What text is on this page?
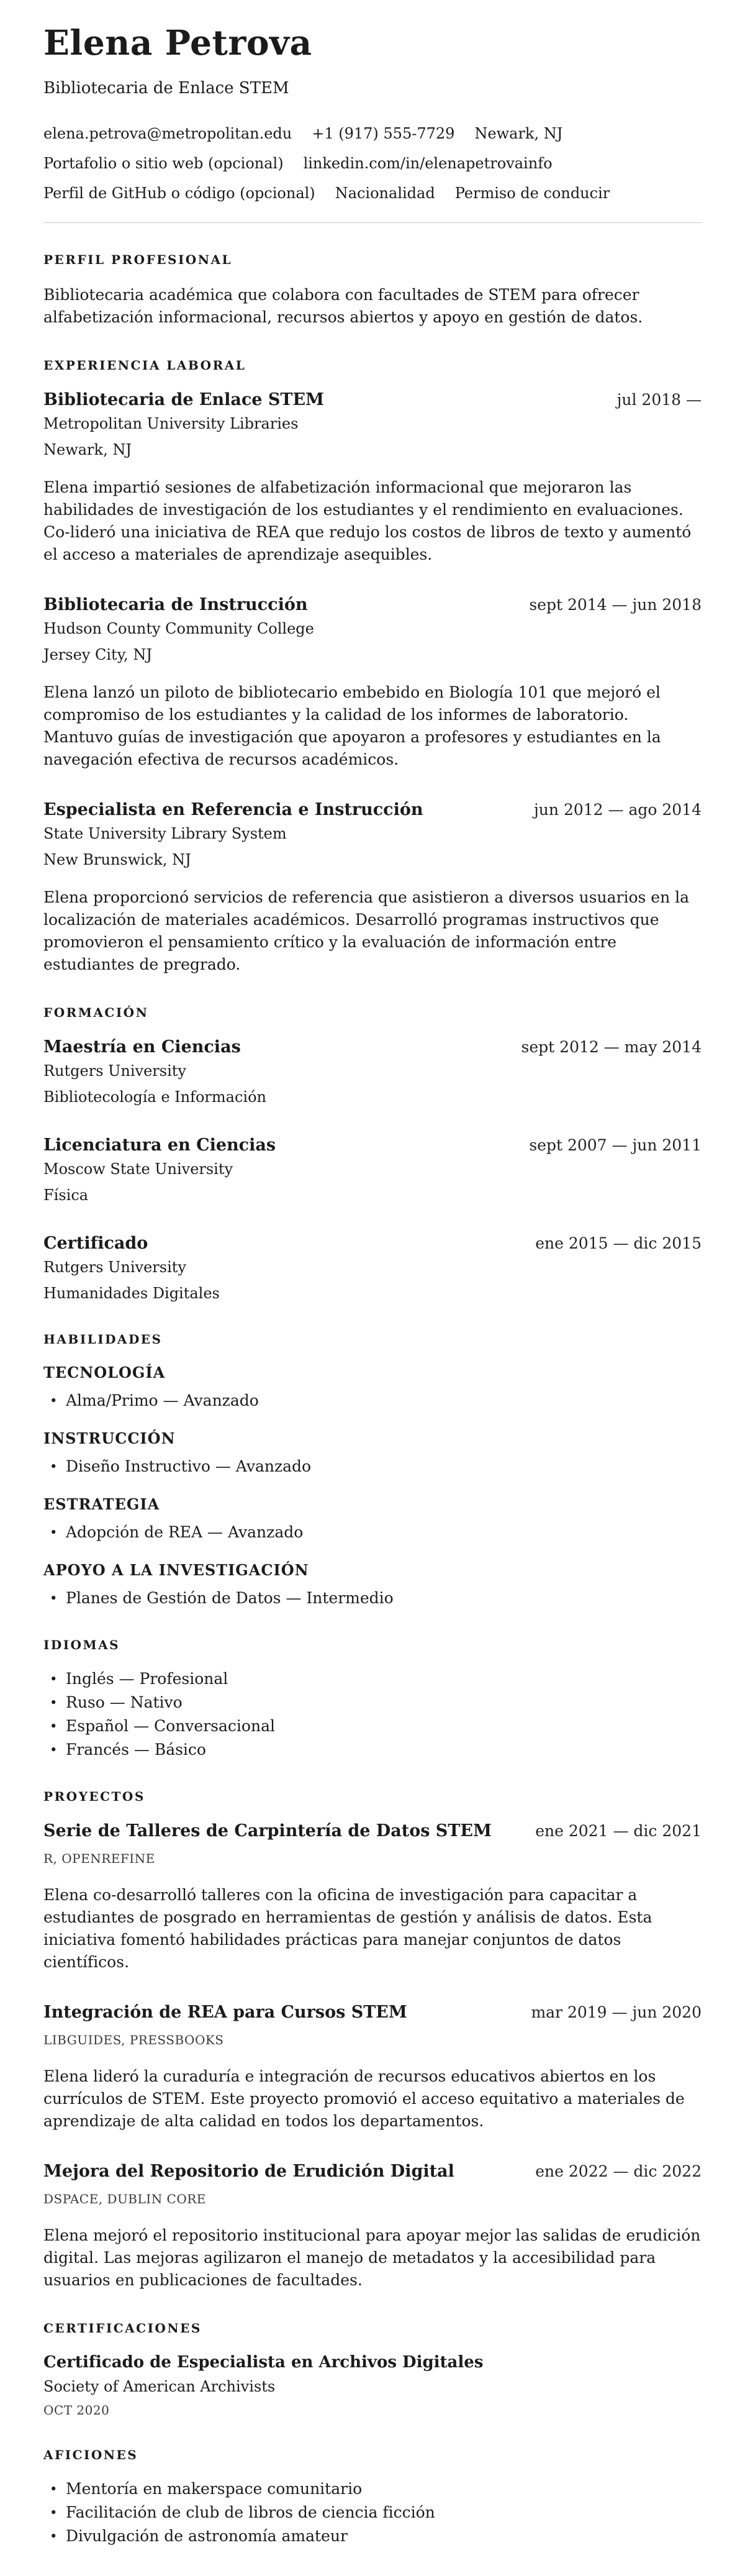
Elena Petrova
Bibliotecaria de Enlace STEM
elena.petrova@metropolitan.edu +1 (917) 555-7729 Newark, NJ
Portafolio o sitio web (opcional) linkedin.com/in/elenapetrovainfo
Perfil de GitHub o código (opcional) Nacionalidad Permiso de conducir
PERFIL PROFESIONAL

Bibliotecaria académica que colabora con facultades de STEM para ofrecer alfabetización informacional, recursos abiertos y apoyo en gestión de datos.

EXPERIENCIA LABORAL
Bibliotecaria de Enlace STEM	jul 2018 —
Metropolitan University Libraries
Newark, NJ

Elena impartió sesiones de alfabetización informacional que mejoraron las habilidades de investigación de los estudiantes y el rendimiento en evaluaciones. Co-lideró una iniciativa de REA que redujo los costos de libros de texto y aumentó el acceso a materiales de aprendizaje asequibles.

Bibliotecaria de Instrucción	sept 2014 — jun 2018
Hudson County Community College
Jersey City, NJ

Elena lanzó un piloto de bibliotecario embebido en Biología 101 que mejoró el compromiso de los estudiantes y la calidad de los informes de laboratorio. Mantuvo guías de investigación que apoyaron a profesores y estudiantes en la navegación efectiva de recursos académicos.

Especialista en Referencia e Instrucción	jun 2012 — ago 2014
State University Library System
New Brunswick, NJ

Elena proporcionó servicios de referencia que asistieron a diversos usuarios en la localización de materiales académicos. Desarrolló programas instructivos que promovieron el pensamiento crítico y la evaluación de información entre estudiantes de pregrado.

FORMACIÓN
Maestría en Ciencias	sept 2012 — may 2014
Rutgers University
Bibliotecología e Información
Licenciatura en Ciencias	sept 2007 — jun 2011
Moscow State University
Física
Certificado	ene 2015 — dic 2015
Rutgers University
Humanidades Digitales
HABILIDADES
TECNOLOGÍA
• Alma/Primo — Avanzado
INSTRUCCIÓN
• Diseño Instructivo — Avanzado
ESTRATEGIA
• Adopción de REA — Avanzado
APOYO A LA INVESTIGACIÓN
• Planes de Gestión de Datos — Intermedio
IDIOMAS
• Inglés — Profesional
• Ruso — Nativo
• Español — Conversacional
• Francés — Básico
PROYECTOS
Serie de Talleres de Carpintería de Datos STEM	ene 2021 — dic 2021
R, OPENREFINE

Elena co-desarrolló talleres con la oficina de investigación para capacitar a estudiantes de posgrado en herramientas de gestión y análisis de datos. Esta iniciativa fomentó habilidades prácticas para manejar conjuntos de datos científicos.

Integración de REA para Cursos STEM	mar 2019 — jun 2020
LIBGUIDES, PRESSBOOKS

Elena lideró la curaduría e integración de recursos educativos abiertos en los currículos de STEM. Este proyecto promovió el acceso equitativo a materiales de aprendizaje de alta calidad en todos los departamentos.

Mejora del Repositorio de Erudición Digital	ene 2022 — dic 2022
DSPACE, DUBLIN CORE

Elena mejoró el repositorio institucional para apoyar mejor las salidas de erudición digital. Las mejoras agilizaron el manejo de metadatos y la accesibilidad para usuarios en publicaciones de facultades.

CERTIFICACIONES
Certificado de Especialista en Archivos Digitales
Society of American Archivists
OCT 2020
AFICIONES
• Mentoría en makerspace comunitario
• Facilitación de club de libros de ciencia ficción
• Divulgación de astronomía amateur
